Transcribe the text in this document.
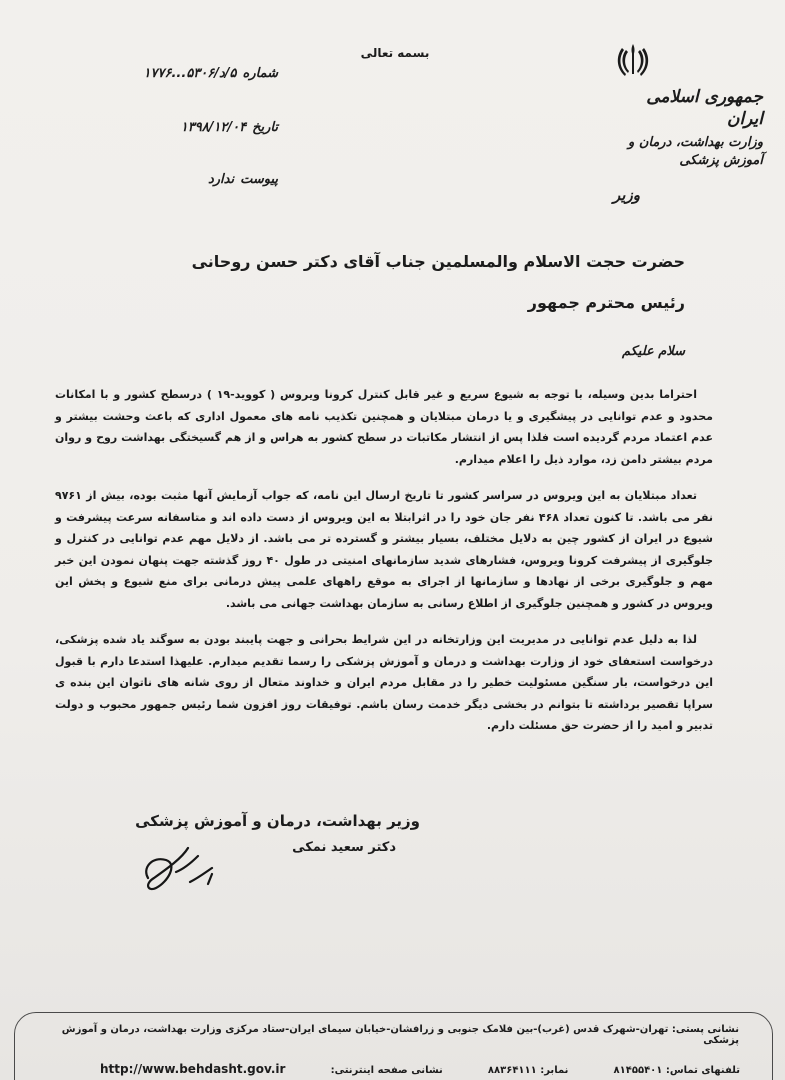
بسمه تعالی
جمهوری اسلامی ایران
وزارت بهداشت، درمان و آموزش پزشکی
وزیر
شماره
۵/د/۵۳۰۶...۱۷۷۶
تاریخ
۱۳۹۸/۱۲/۰۴
پیوست
ندارد
حضرت حجت الاسلام والمسلمین جناب آقای دکتر حسن روحانی
رئیس محترم جمهور
سلام علیکم

احتراما بدین وسیله، با توجه به شیوع سریع و غیر قابل کنترل کرونا ویروس ( کووید-۱۹ ) درسطح کشور و با امکانات محدود و عدم توانایی در پیشگیری و یا درمان مبتلایان و همچنین تکذیب نامه های معمول اداری که باعث وحشت بیشتر و عدم اعتماد مردم گردیده است فلذا پس از انتشار مکاتبات در سطح کشور به هراس و از هم گسیختگی بهداشت روح و روان مردم بیشتر دامن زد، موارد ذیل را اعلام میدارم.

تعداد مبتلایان به این ویروس در سراسر کشور تا تاریخ ارسال این نامه، که جواب آزمایش آنها مثبت بوده، بیش از ۹۷۶۱ نفر می باشد. تا کنون تعداد ۴۶۸ نفر جان خود را در اثرابتلا به این ویروس از دست داده اند و متاسفانه سرعت پیشرفت و شیوع در ایران از کشور چین به دلایل مختلف، بسیار بیشتر و گسترده تر می باشد. از دلایل مهم عدم توانایی در کنترل و جلوگیری از پیشرفت کرونا ویروس، فشارهای شدید سازمانهای امنیتی در طول ۴۰ روز گذشته جهت پنهان نمودن این خبر مهم و جلوگیری برخی از نهادها و سازمانها از اجرای به موقع راههای علمی پیش درمانی برای منع شیوع و پخش این ویروس در کشور و همچنین جلوگیری از اطلاع رسانی به سازمان بهداشت جهانی می باشد.

لذا به دلیل عدم توانایی در مدیریت این وزارتخانه در این شرایط بحرانی و جهت پایبند بودن به سوگند یاد شده پزشکی، درخواست استعفای خود از وزارت بهداشت و درمان و آموزش پزشکی را رسما تقدیم میدارم. علیهذا استدعا دارم با قبول این درخواست، بار سنگین مسئولیت خطیر را در مقابل مردم ایران و خداوند متعال از روی شانه های ناتوان این بنده ی سراپا تقصیر برداشته تا بتوانم در بخشی دیگر خدمت رسان باشم. توفیقات روز افزون شما رئیس جمهور محبوب و دولت تدبیر و امید را از حضرت حق مسئلت دارم.

وزیر بهداشت، درمان و آموزش پزشکی
دکتر سعید نمکی
نشانی پستی: تهران-شهرک قدس (غرب)-بین فلامک جنوبی و زرافشان-خیابان سیمای ایران-ستاد مرکزی وزارت بهداشت، درمان و آموزش پزشکی
تلفنهای تماس: ۸۱۴۵۵۴۰۱
نمابر: ۸۸۳۶۴۱۱۱
نشانی صفحه اینترنتی:
http://www.behdasht.gov.ir
